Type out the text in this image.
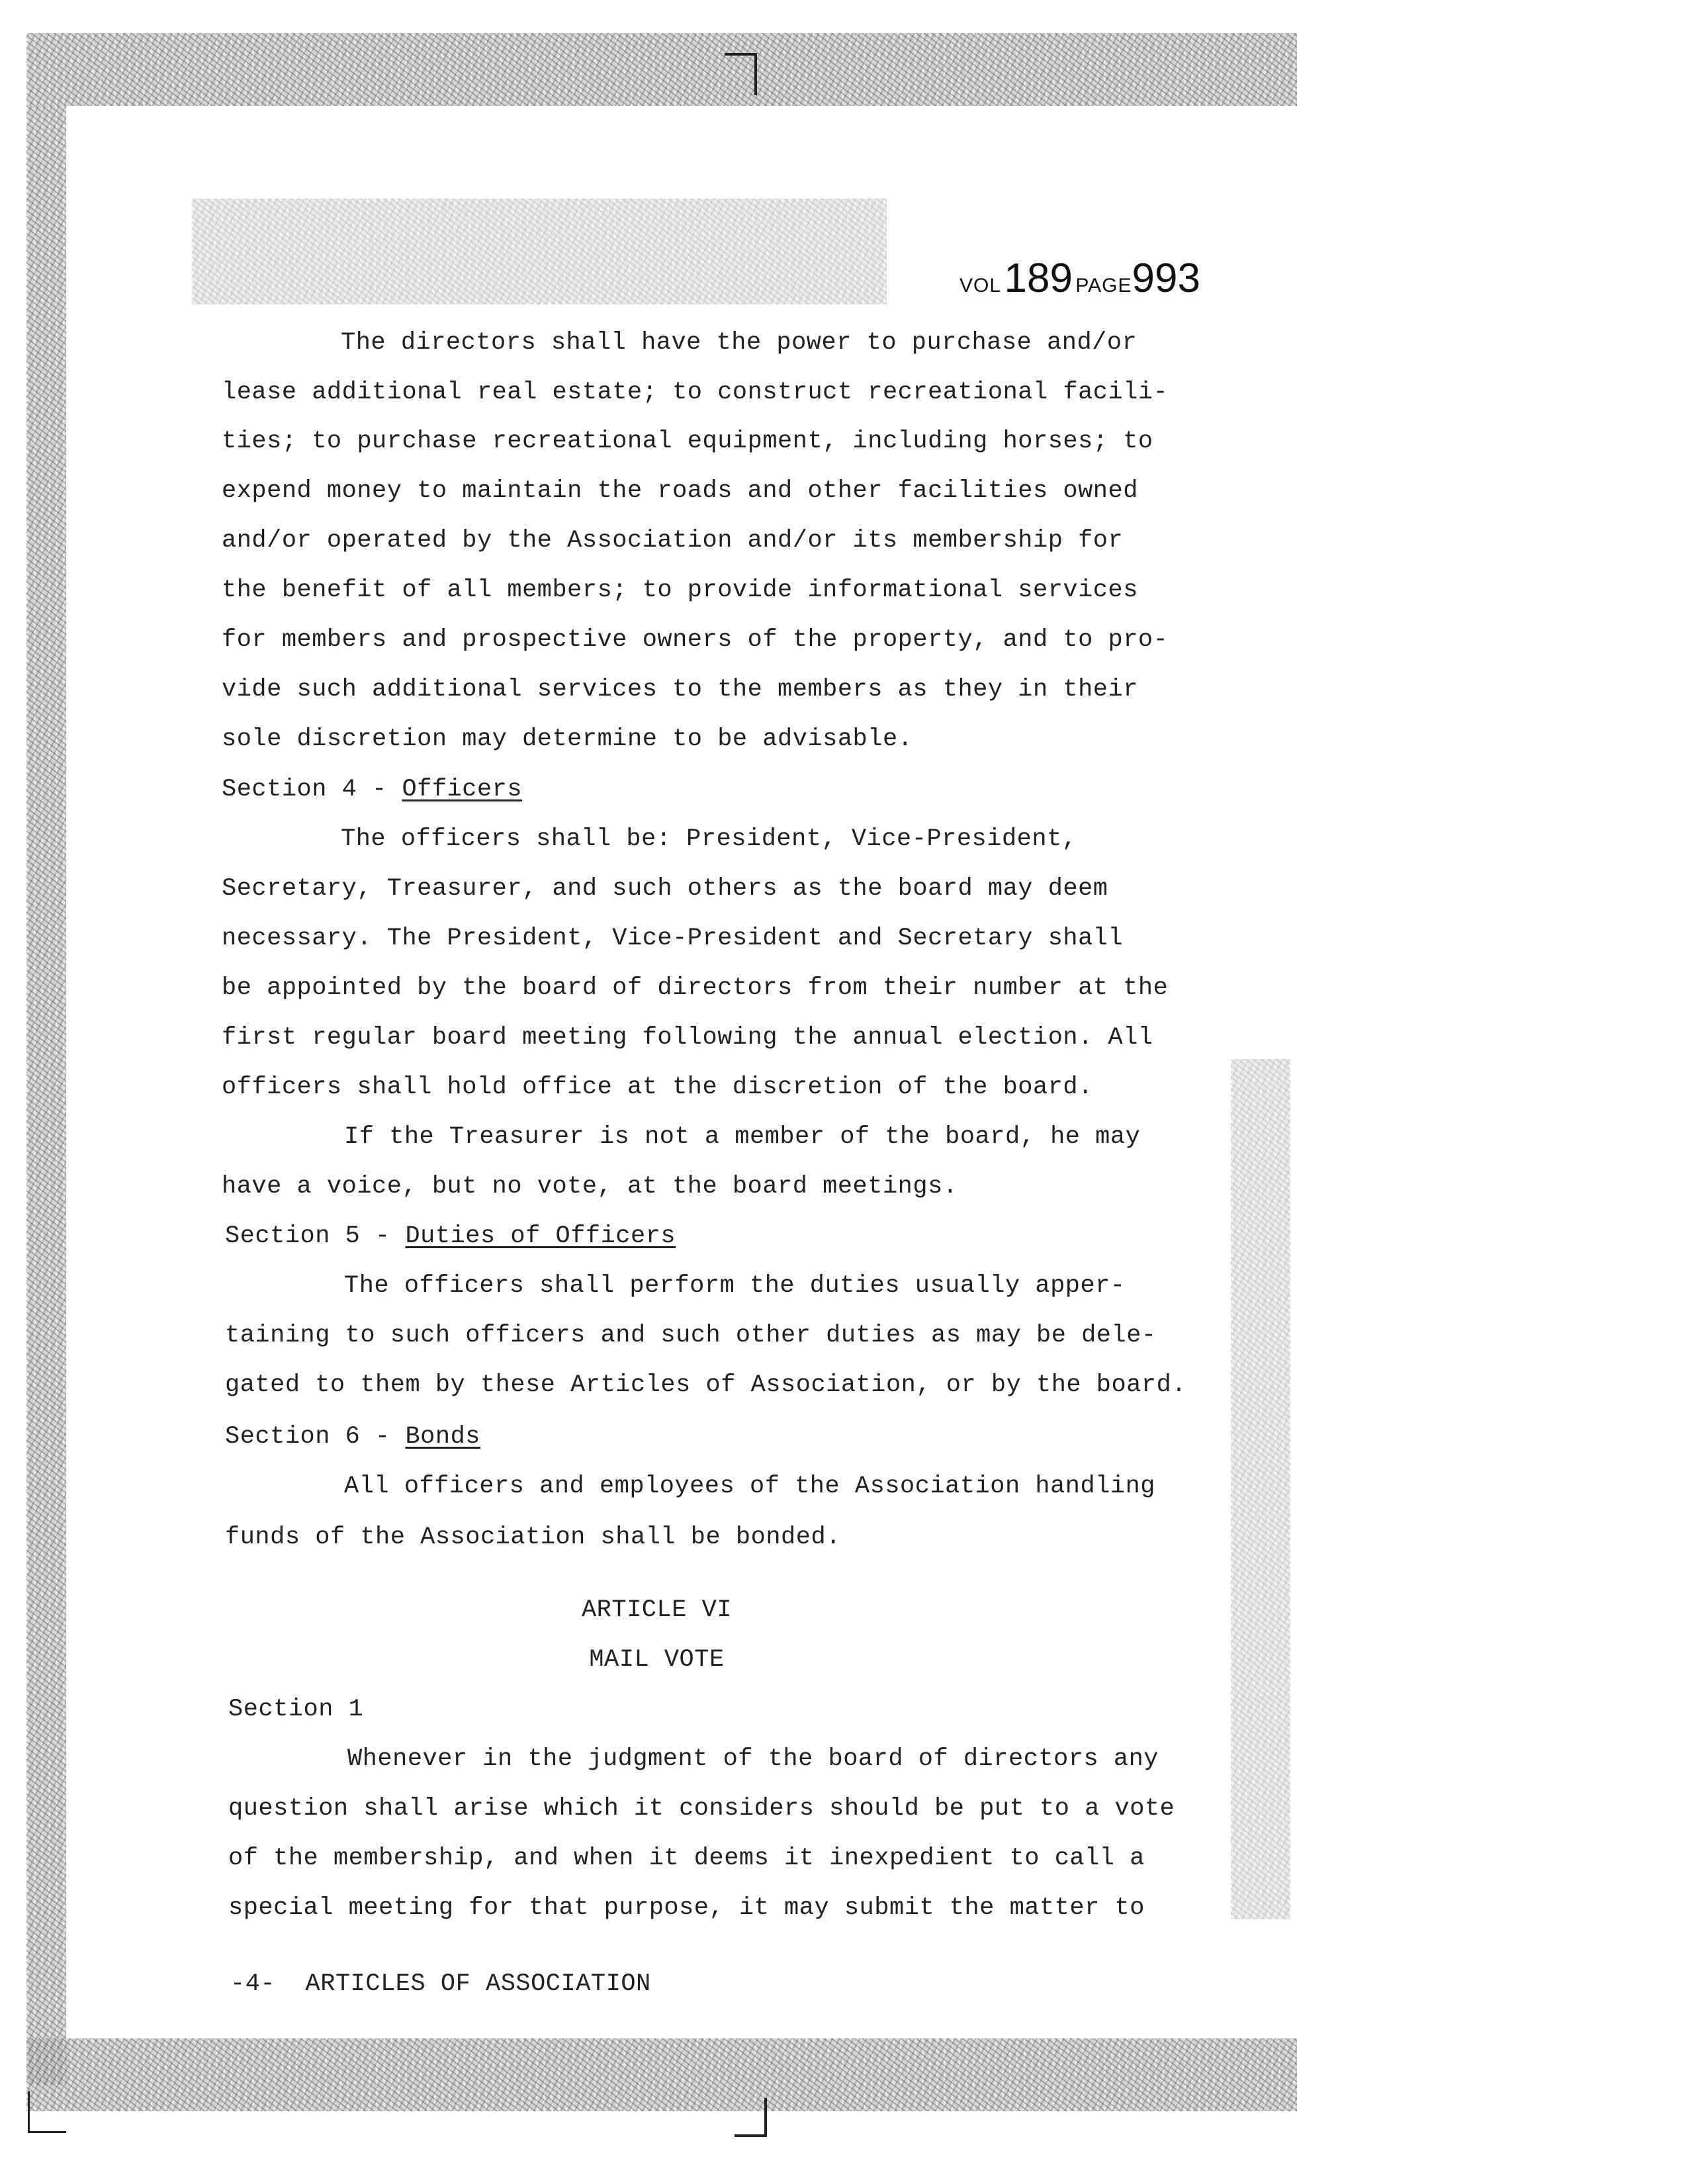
VOL 189 PAGE993
The directors shall have the power to purchase and/or
lease additional real estate; to construct recreational facili-
ties; to purchase recreational equipment, including horses; to
expend money to maintain the roads and other facilities owned
and/or operated by the Association and/or its membership for
the benefit of all members; to provide informational services
for members and prospective owners of the property, and to pro-
vide such additional services to the members as they in their
sole discretion may determine to be advisable.
Section 4 - Officers
The officers shall be: President, Vice-President,
Secretary, Treasurer, and such others as the board may deem
necessary. The President, Vice-President and Secretary shall
be appointed by the board of directors from their number at the
first regular board meeting following the annual election. All
officers shall hold office at the discretion of the board.
If the Treasurer is not a member of the board, he may
have a voice, but no vote, at the board meetings.
Section 5 - Duties of Officers
The officers shall perform the duties usually apper-
taining to such officers and such other duties as may be dele-
gated to them by these Articles of Association, or by the board.
Section 6 - Bonds
All officers and employees of the Association handling
funds of the Association shall be bonded.
ARTICLE VI
MAIL VOTE
Section 1
Whenever in the judgment of the board of directors any
question shall arise which it considers should be put to a vote
of the membership, and when it deems it inexpedient to call a
special meeting for that purpose, it may submit the matter to
-4- ARTICLES OF ASSOCIATION
